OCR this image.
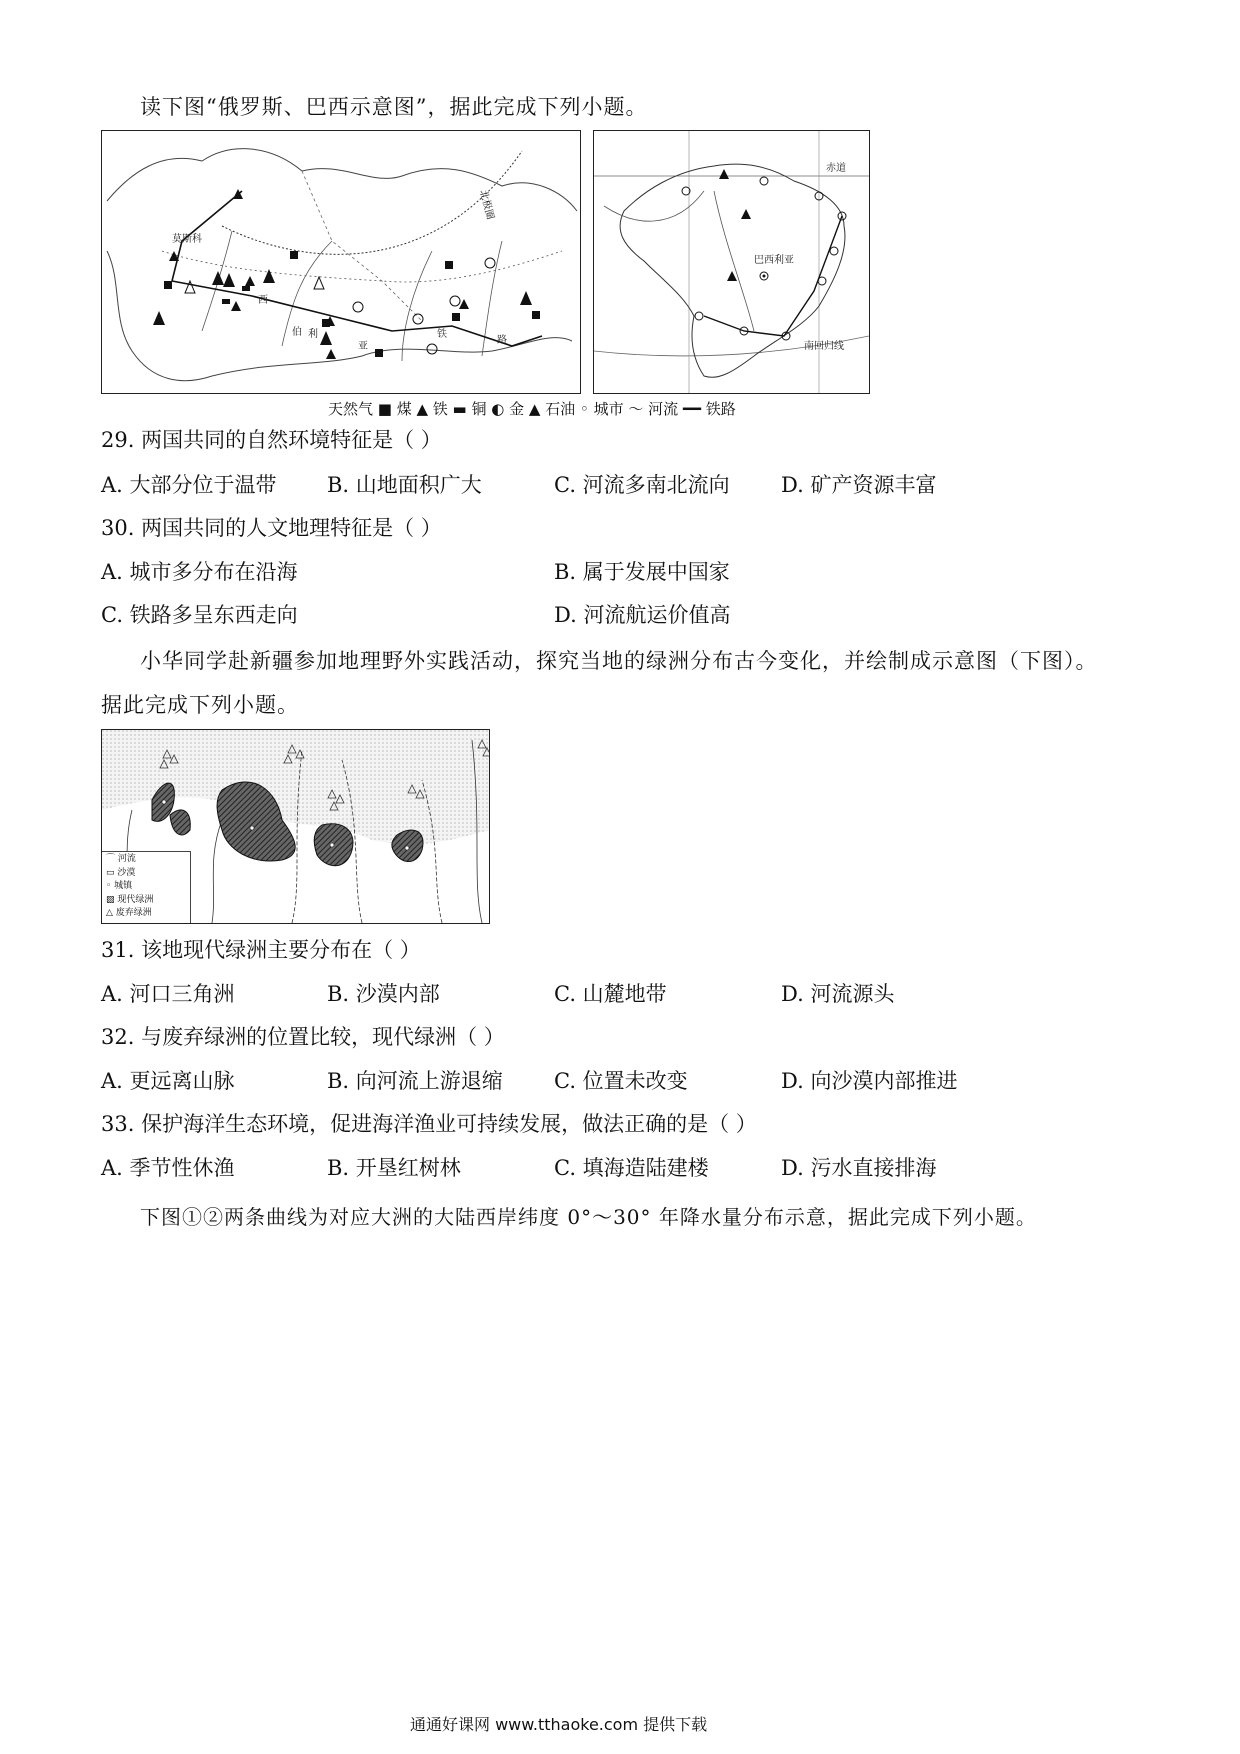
读下图“俄罗斯、巴西示意图”，据此完成下列小题。
莫斯科
西
伯 利
亚
铁
路
北极圈
赤道
巴西利亚
南回归线
天然气 ■ 煤 ▲ 铁 ▬ 铜 ◐ 金 ▲ 石油 ◦ 城市 ～ 河流 ━━ 铁路
29. 两国共同的自然环境特征是（ ）
A. 大部分位于温带 B. 山地面积广大	C. 河流多南北流向 D. 矿产资源丰富
30. 两国共同的人文地理特征是（ ）
A. 城市多分布在沿海	B. 属于发展中国家
C. 铁路多呈东西走向	D. 河流航运价值高
小华同学赴新疆参加地理野外实践活动，探究当地的绿洲分布古今变化，并绘制成示意图（下图）。
据此完成下列小题。
⌒ 河流
▭ 沙漠
◦ 城镇
▨ 现代绿洲
△ 废弃绿洲
31. 该地现代绿洲主要分布在（ ）
A. 河口三角洲	B. 沙漠内部	C. 山麓地带	D. 河流源头
32. 与废弃绿洲的位置比较，现代绿洲（ ）
A. 更远离山脉	B. 向河流上游退缩 C. 位置未改变	D. 向沙漠内部推进
33. 保护海洋生态环境，促进海洋渔业可持续发展，做法正确的是（ ）
A. 季节性休渔	B. 开垦红树林	C. 填海造陆建楼	D. 污水直接排海
下图①②两条曲线为对应大洲的大陆西岸纬度 0°～30° 年降水量分布示意，据此完成下列小题。
通通好课网 www.tthaoke.com 提供下载
